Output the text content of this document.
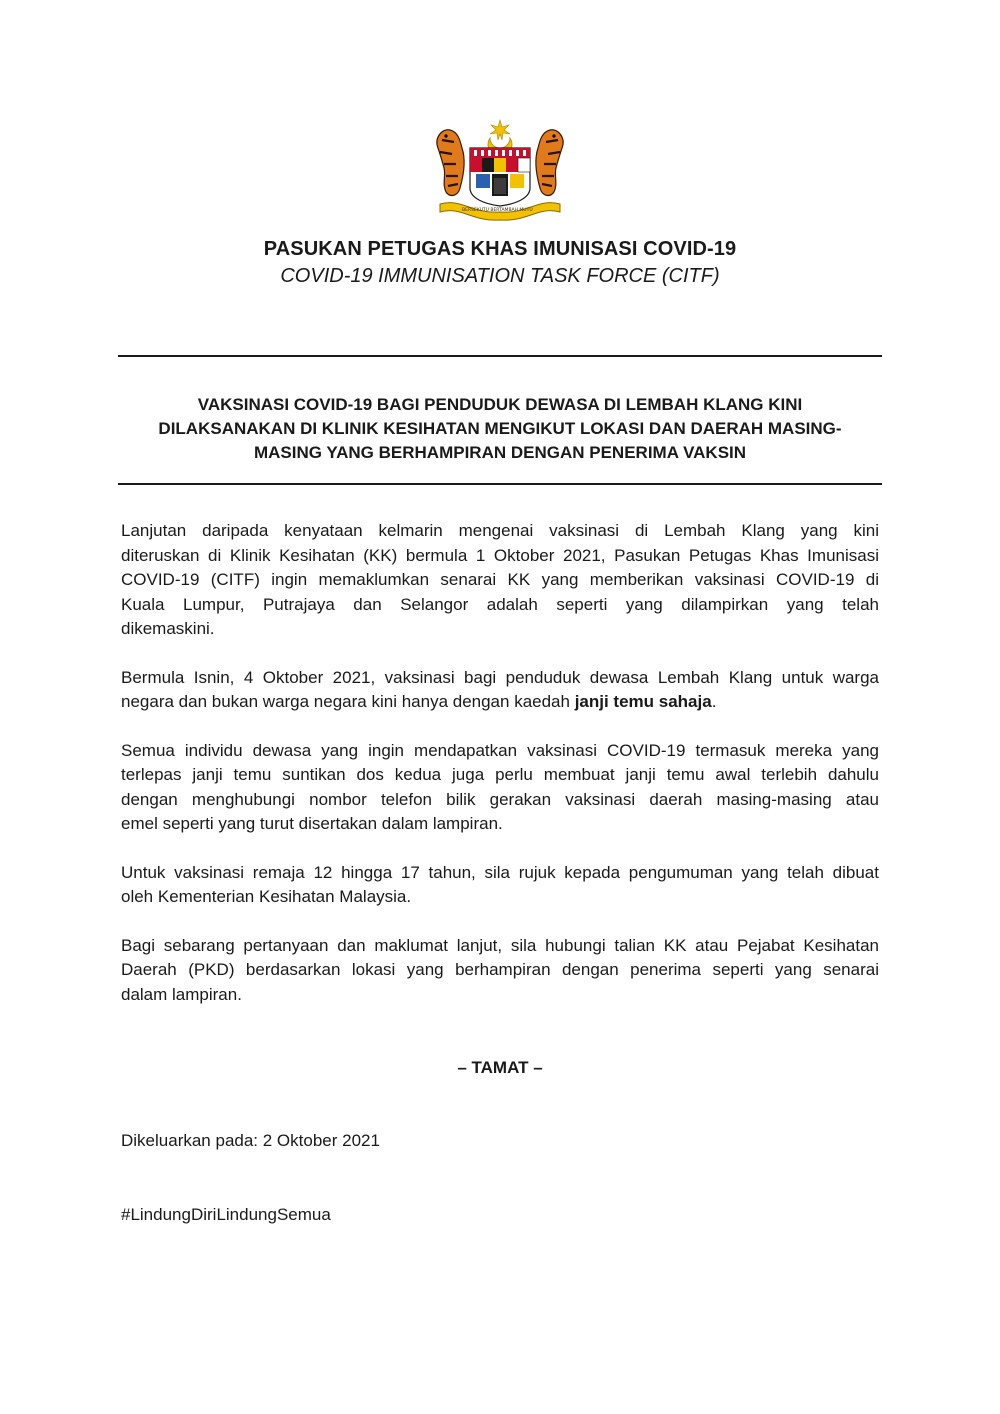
BERSEKUTU BERTAMBAH MUTU
PASUKAN PETUGAS KHAS IMUNISASI COVID-19
COVID-19 IMMUNISATION TASK FORCE (CITF)
VAKSINASI COVID-19 BAGI PENDUDUK DEWASA DI LEMBAH KLANG KINI
DILAKSANAKAN DI KLINIK KESIHATAN MENGIKUT LOKASI DAN DAERAH MASING-
MASING YANG BERHAMPIRAN DENGAN PENERIMA VAKSIN
Lanjutan daripada kenyataan kelmarin mengenai vaksinasi di Lembah Klang yang kini
diteruskan di Klinik Kesihatan (KK) bermula 1 Oktober 2021, Pasukan Petugas Khas Imunisasi
COVID-19 (CITF) ingin memaklumkan senarai KK yang memberikan vaksinasi COVID-19 di
Kuala Lumpur, Putrajaya dan Selangor adalah seperti yang dilampirkan yang telah
dikemaskini.
Bermula Isnin, 4 Oktober 2021, vaksinasi bagi penduduk dewasa Lembah Klang untuk warga
negara dan bukan warga negara kini hanya dengan kaedah janji temu sahaja.
Semua individu dewasa yang ingin mendapatkan vaksinasi COVID-19 termasuk mereka yang
terlepas janji temu suntikan dos kedua juga perlu membuat janji temu awal terlebih dahulu
dengan menghubungi nombor telefon bilik gerakan vaksinasi daerah masing-masing atau
emel seperti yang turut disertakan dalam lampiran.
Untuk vaksinasi remaja 12 hingga 17 tahun, sila rujuk kepada pengumuman yang telah dibuat
oleh Kementerian Kesihatan Malaysia.
Bagi sebarang pertanyaan dan maklumat lanjut, sila hubungi talian KK atau Pejabat Kesihatan
Daerah (PKD) berdasarkan lokasi yang berhampiran dengan penerima seperti yang senarai
dalam lampiran.
– TAMAT –
Dikeluarkan pada: 2 Oktober 2021
#LindungDiriLindungSemua
